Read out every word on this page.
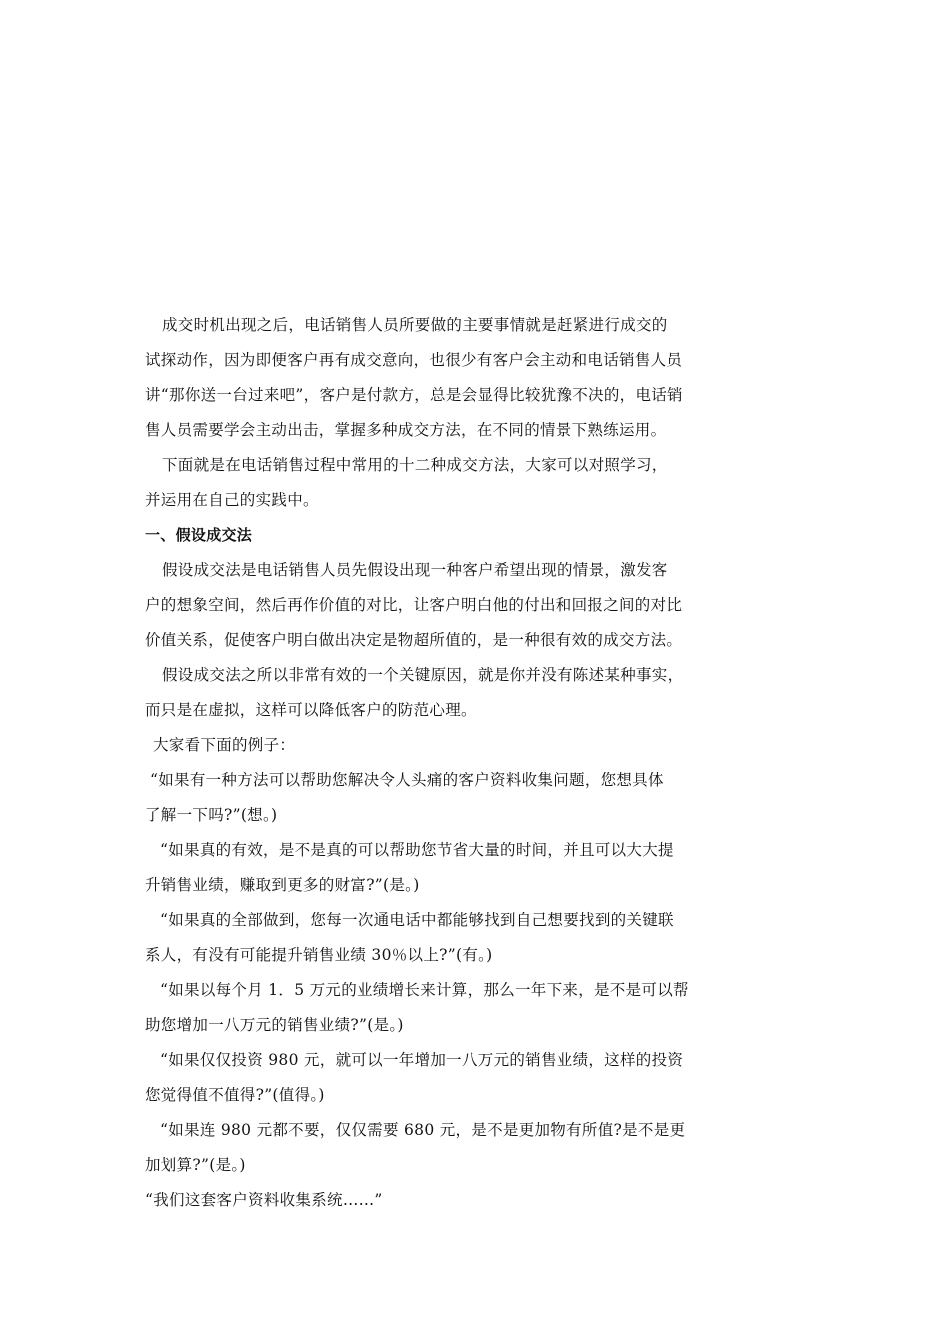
成交时机出现之后，电话销售人员所要做的主要事情就是赶紧进行成交的
试探动作，因为即便客户再有成交意向，也很少有客户会主动和电话销售人员
讲“那你送一台过来吧”，客户是付款方，总是会显得比较犹豫不决的，电话销
售人员需要学会主动出击，掌握多种成交方法，在不同的情景下熟练运用。
下面就是在电话销售过程中常用的十二种成交方法，大家可以对照学习，
并运用在自己的实践中。
一、假设成交法
假设成交法是电话销售人员先假设出现一种客户希望出现的情景，激发客
户的想象空间，然后再作价值的对比，让客户明白他的付出和回报之间的对比
价值关系，促使客户明白做出决定是物超所值的，是一种很有效的成交方法。
假设成交法之所以非常有效的一个关键原因，就是你并没有陈述某种事实，
而只是在虚拟，这样可以降低客户的防范心理。
大家看下面的例子：
“如果有一种方法可以帮助您解决令人头痛的客户资料收集问题，您想具体
了解一下吗?”(想。)
“如果真的有效，是不是真的可以帮助您节省大量的时间，并且可以大大提
升销售业绩，赚取到更多的财富?”(是。)
“如果真的全部做到，您每一次通电话中都能够找到自己想要找到的关键联
系人，有没有可能提升销售业绩 30％以上?”(有。)
“如果以每个月 1．5 万元的业绩增长来计算，那么一年下来，是不是可以帮
助您增加一八万元的销售业绩?”(是。)
“如果仅仅投资 980 元，就可以一年增加一八万元的销售业绩，这样的投资
您觉得值不值得?”(值得。)
“如果连 980 元都不要，仅仅需要 680 元，是不是更加物有所值?是不是更
加划算?”(是。)
“我们这套客户资料收集系统……”
